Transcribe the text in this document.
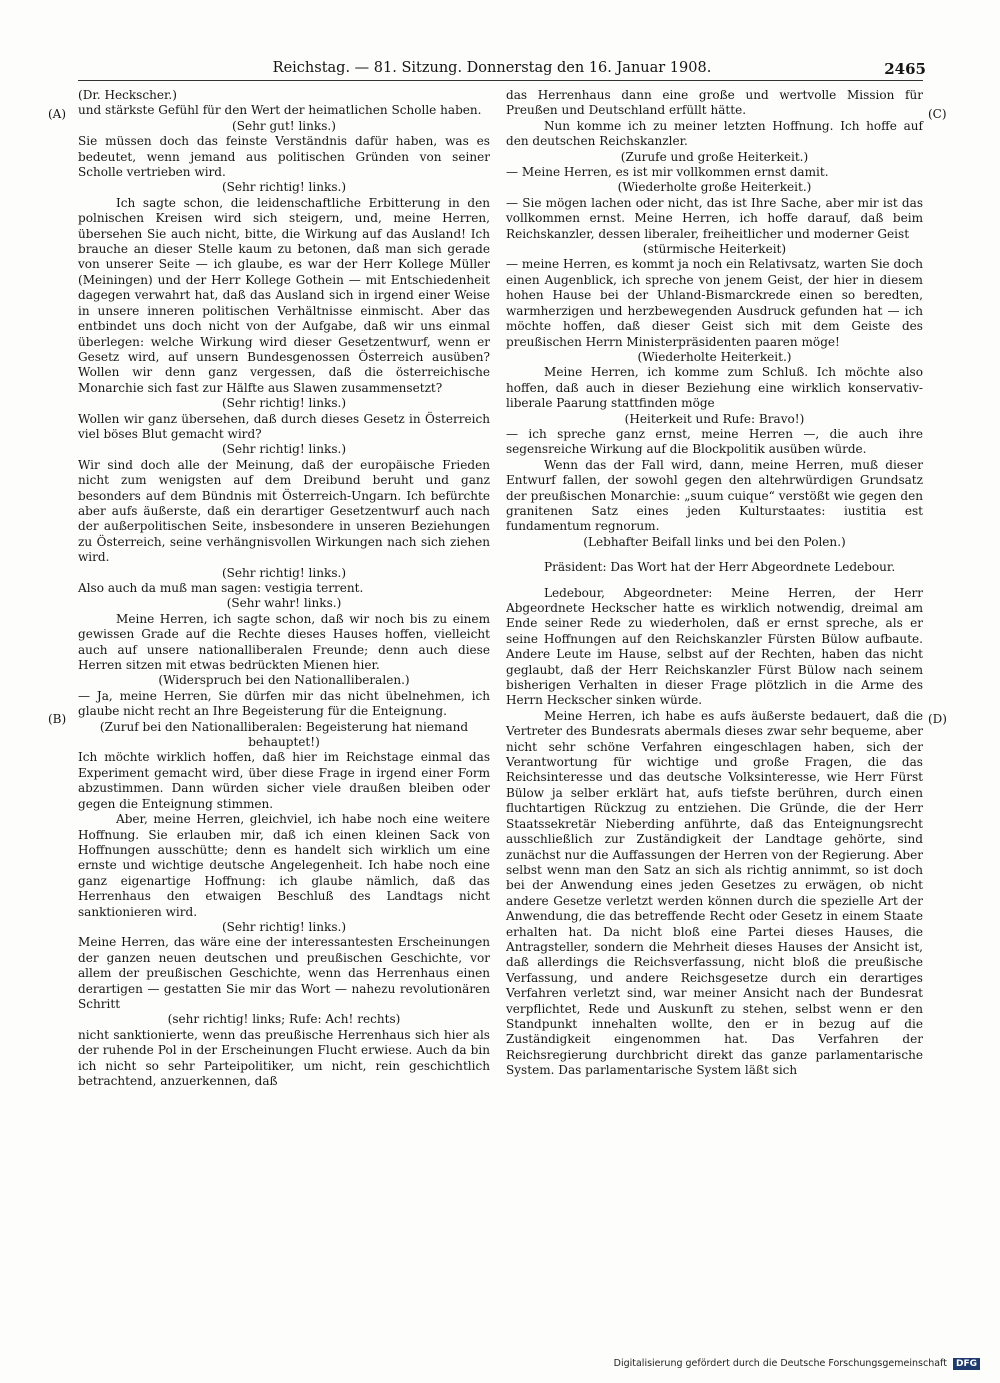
Reichstag. — 81. Sitzung. Donnerstag den 16. Januar 1908.	2465
(A)
(B)
(C)
(D)

(Dr. Heckscher.)

und stärkste Gefühl für den Wert der heimatlichen Scholle haben.

(Sehr gut! links.)

Sie müssen doch das feinste Verständnis dafür haben, was es bedeutet, wenn jemand aus politischen Gründen von seiner Scholle vertrieben wird.

(Sehr richtig! links.)

Ich sagte schon, die leidenschaftliche Erbitterung in den polnischen Kreisen wird sich steigern, und, meine Herren, übersehen Sie auch nicht, bitte, die Wirkung auf das Ausland! Ich brauche an dieser Stelle kaum zu betonen, daß man sich gerade von unserer Seite — ich glaube, es war der Herr Kollege Müller (Meiningen) und der Herr Kollege Gothein — mit Entschiedenheit dagegen verwahrt hat, daß das Ausland sich in irgend einer Weise in unsere inneren politischen Verhältnisse einmischt. Aber das entbindet uns doch nicht von der Aufgabe, daß wir uns einmal überlegen: welche Wirkung wird dieser Gesetzentwurf, wenn er Gesetz wird, auf unsern Bundesgenossen Österreich ausüben? Wollen wir denn ganz vergessen, daß die österreichische Monarchie sich fast zur Hälfte aus Slawen zusammensetzt?

(Sehr richtig! links.)

Wollen wir ganz übersehen, daß durch dieses Gesetz in Österreich viel böses Blut gemacht wird?

(Sehr richtig! links.)

Wir sind doch alle der Meinung, daß der europäische Frieden nicht zum wenigsten auf dem Dreibund beruht und ganz besonders auf dem Bündnis mit Österreich-Ungarn. Ich befürchte aber aufs äußerste, daß ein derartiger Gesetzentwurf auch nach der außerpolitischen Seite, insbesondere in unseren Beziehungen zu Österreich, seine verhängnisvollen Wirkungen nach sich ziehen wird.

(Sehr richtig! links.)

Also auch da muß man sagen: vestigia terrent.

(Sehr wahr! links.)

Meine Herren, ich sagte schon, daß wir noch bis zu einem gewissen Grade auf die Rechte dieses Hauses hoffen, vielleicht auch auf unsere nationalliberalen Freunde; denn auch diese Herren sitzen mit etwas bedrückten Mienen hier.

(Widerspruch bei den Nationalliberalen.)

— Ja, meine Herren, Sie dürfen mir das nicht übelnehmen, ich glaube nicht recht an Ihre Begeisterung für die Enteignung.

(Zuruf bei den Nationalliberalen: Begeisterung hat niemand behauptet!)

Ich möchte wirklich hoffen, daß hier im Reichstage einmal das Experiment gemacht wird, über diese Frage in irgend einer Form abzustimmen. Dann würden sicher viele draußen bleiben oder gegen die Enteignung stimmen.

Aber, meine Herren, gleichviel, ich habe noch eine weitere Hoffnung. Sie erlauben mir, daß ich einen kleinen Sack von Hoffnungen ausschütte; denn es handelt sich wirklich um eine ernste und wichtige deutsche Angelegenheit. Ich habe noch eine ganz eigenartige Hoffnung: ich glaube nämlich, daß das Herrenhaus den etwaigen Beschluß des Landtags nicht sanktionieren wird.

(Sehr richtig! links.)

Meine Herren, das wäre eine der interessantesten Erscheinungen der ganzen neuen deutschen und preußischen Geschichte, vor allem der preußischen Geschichte, wenn das Herrenhaus einen derartigen — gestatten Sie mir das Wort — nahezu revolutionären Schritt

(sehr richtig! links; Rufe: Ach! rechts)

nicht sanktionierte, wenn das preußische Herrenhaus sich hier als der ruhende Pol in der Erscheinungen Flucht erwiese. Auch da bin ich nicht so sehr Parteipolitiker, um nicht, rein geschichtlich betrachtend, anzuerkennen, daß

das Herrenhaus dann eine große und wertvolle Mission für Preußen und Deutschland erfüllt hätte.

Nun komme ich zu meiner letzten Hoffnung. Ich hoffe auf den deutschen Reichskanzler.

(Zurufe und große Heiterkeit.)

— Meine Herren, es ist mir vollkommen ernst damit.

(Wiederholte große Heiterkeit.)

— Sie mögen lachen oder nicht, das ist Ihre Sache, aber mir ist das vollkommen ernst. Meine Herren, ich hoffe darauf, daß beim Reichskanzler, dessen liberaler, freiheitlicher und moderner Geist

(stürmische Heiterkeit)

— meine Herren, es kommt ja noch ein Relativsatz, warten Sie doch einen Augenblick, ich spreche von jenem Geist, der hier in diesem hohen Hause bei der Uhland-Bismarckrede einen so beredten, warmherzigen und herzbewegenden Ausdruck gefunden hat — ich möchte hoffen, daß dieser Geist sich mit dem Geiste des preußischen Herrn Ministerpräsidenten paaren möge!

(Wiederholte Heiterkeit.)

Meine Herren, ich komme zum Schluß. Ich möchte also hoffen, daß auch in dieser Beziehung eine wirklich konservativ-liberale Paarung stattfinden möge

(Heiterkeit und Rufe: Bravo!)

— ich spreche ganz ernst, meine Herren —, die auch ihre segensreiche Wirkung auf die Blockpolitik ausüben würde.

Wenn das der Fall wird, dann, meine Herren, muß dieser Entwurf fallen, der sowohl gegen den altehrwürdigen Grundsatz der preußischen Monarchie: „suum cuique“ verstößt wie gegen den granitenen Satz eines jeden Kulturstaates: iustitia est fundamentum regnorum.

(Lebhafter Beifall links und bei den Polen.)

Präsident: Das Wort hat der Herr Abgeordnete Ledebour.

Ledebour, Abgeordneter: Meine Herren, der Herr Abgeordnete Heckscher hatte es wirklich notwendig, dreimal am Ende seiner Rede zu wiederholen, daß er ernst spreche, als er seine Hoffnungen auf den Reichskanzler Fürsten Bülow aufbaute. Andere Leute im Hause, selbst auf der Rechten, haben das nicht geglaubt, daß der Herr Reichskanzler Fürst Bülow nach seinem bisherigen Verhalten in dieser Frage plötzlich in die Arme des Herrn Heckscher sinken würde.

Meine Herren, ich habe es aufs äußerste bedauert, daß die Vertreter des Bundesrats abermals dieses zwar sehr bequeme, aber nicht sehr schöne Verfahren eingeschlagen haben, sich der Verantwortung für wichtige und große Fragen, die das Reichsinteresse und das deutsche Volksinteresse, wie Herr Fürst Bülow ja selber erklärt hat, aufs tiefste berühren, durch einen fluchtartigen Rückzug zu entziehen. Die Gründe, die der Herr Staatssekretär Nieberding anführte, daß das Enteignungsrecht ausschließlich zur Zuständigkeit der Landtage gehörte, sind zunächst nur die Auffassungen der Herren von der Regierung. Aber selbst wenn man den Satz an sich als richtig annimmt, so ist doch bei der Anwendung eines jeden Gesetzes zu erwägen, ob nicht andere Gesetze verletzt werden können durch die spezielle Art der Anwendung, die das betreffende Recht oder Gesetz in einem Staate erhalten hat. Da nicht bloß eine Partei dieses Hauses, die Antragsteller, sondern die Mehrheit dieses Hauses der Ansicht ist, daß allerdings die Reichsverfassung, nicht bloß die preußische Verfassung, und andere Reichsgesetze durch ein derartiges Verfahren verletzt sind, war meiner Ansicht nach der Bundesrat verpflichtet, Rede und Auskunft zu stehen, selbst wenn er den Standpunkt innehalten wollte, den er in bezug auf die Zuständigkeit eingenommen hat. Das Verfahren der Reichsregierung durchbricht direkt das ganze parlamentarische System. Das parlamentarische System läßt sich

Digitalisierung gefördert durch die Deutsche Forschungsgemeinschaft DFG
